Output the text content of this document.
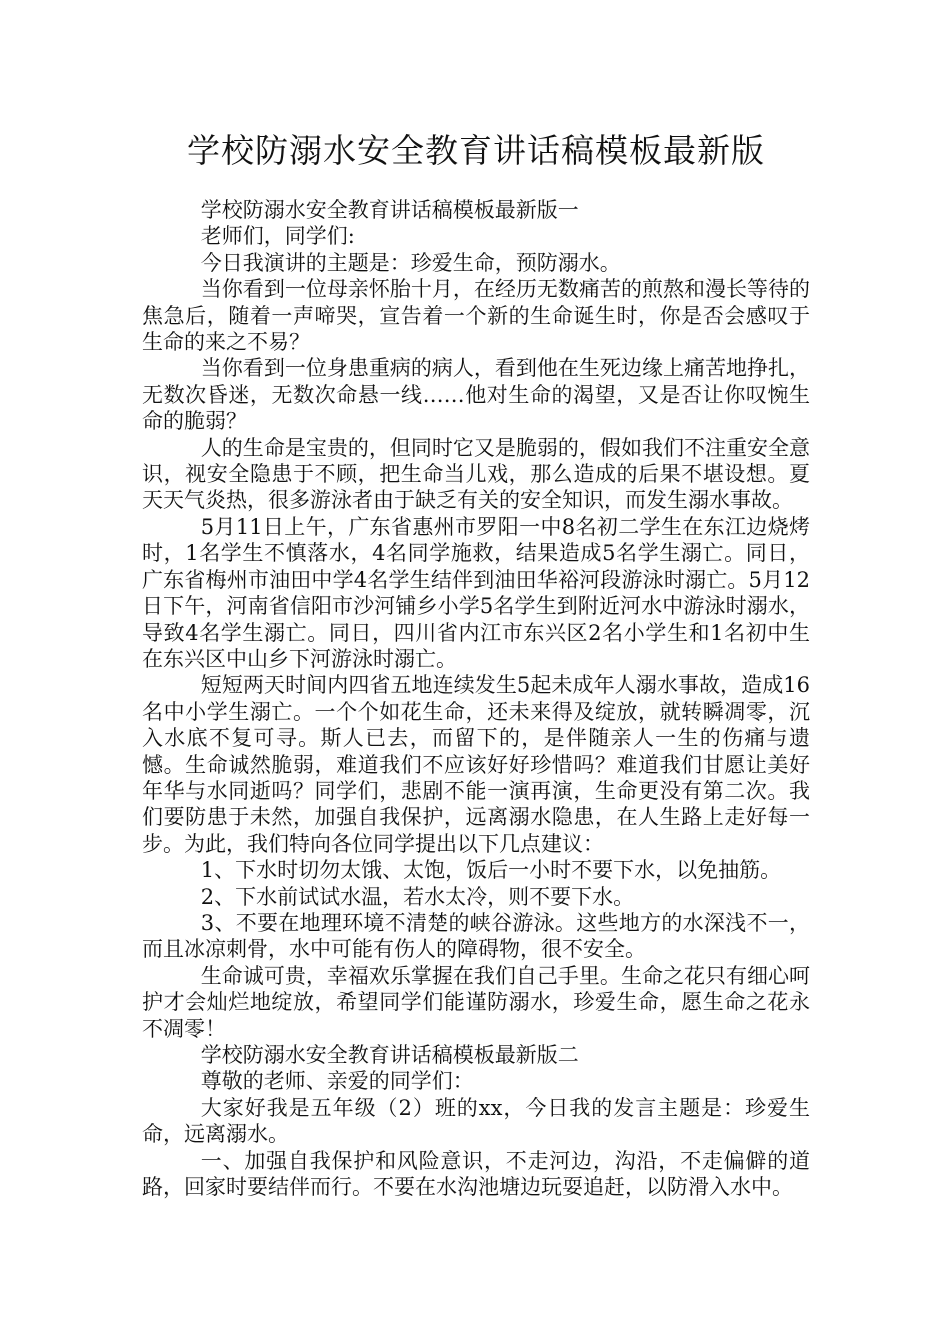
学校防溺水安全教育讲话稿模板最新版

学校防溺水安全教育讲话稿模板最新版一

老师们，同学们:

今日我演讲的主题是：珍爱生命，预防溺水。

当你看到一位母亲怀胎十月，在经历无数痛苦的煎熬和漫长等待的焦急后，随着一声啼哭，宣告着一个新的生命诞生时，你是否会感叹于生命的来之不易？

当你看到一位身患重病的病人，看到他在生死边缘上痛苦地挣扎，无数次昏迷，无数次命悬一线……他对生命的渴望，又是否让你叹惋生命的脆弱？

人的生命是宝贵的，但同时它又是脆弱的，假如我们不注重安全意识，视安全隐患于不顾，把生命当儿戏，那么造成的后果不堪设想。夏天天气炎热，很多游泳者由于缺乏有关的安全知识，而发生溺水事故。

5月11日上午，广东省惠州市罗阳一中8名初二学生在东江边烧烤时，1名学生不慎落水，4名同学施救，结果造成5名学生溺亡。同日，广东省梅州市油田中学4名学生结伴到油田华裕河段游泳时溺亡。5月12日下午，河南省信阳市沙河铺乡小学5名学生到附近河水中游泳时溺水，导致4名学生溺亡。同日，四川省内江市东兴区2名小学生和1名初中生在东兴区中山乡下河游泳时溺亡。

短短两天时间内四省五地连续发生5起未成年人溺水事故，造成16名中小学生溺亡。一个个如花生命，还未来得及绽放，就转瞬凋零，沉入水底不复可寻。斯人已去，而留下的，是伴随亲人一生的伤痛与遗憾。生命诚然脆弱，难道我们不应该好好珍惜吗？难道我们甘愿让美好年华与水同逝吗？同学们，悲剧不能一演再演，生命更没有第二次。我们要防患于未然，加强自我保护，远离溺水隐患，在人生路上走好每一步。为此，我们特向各位同学提出以下几点建议：

1、下水时切勿太饿、太饱，饭后一小时不要下水，以免抽筋。

2、下水前试试水温，若水太冷，则不要下水。

3、不要在地理环境不清楚的峡谷游泳。这些地方的水深浅不一，而且冰凉刺骨，水中可能有伤人的障碍物，很不安全。

生命诚可贵，幸福欢乐掌握在我们自己手里。生命之花只有细心呵护才会灿烂地绽放，希望同学们能谨防溺水，珍爱生命，愿生命之花永不凋零！

学校防溺水安全教育讲话稿模板最新版二

尊敬的老师、亲爱的同学们：

大家好我是五年级（2）班的xx，今日我的发言主题是：珍爱生命，远离溺水。

一、加强自我保护和风险意识，不走河边，沟沿，不走偏僻的道路，回家时要结伴而行。不要在水沟池塘边玩耍追赶，以防滑入水中。
